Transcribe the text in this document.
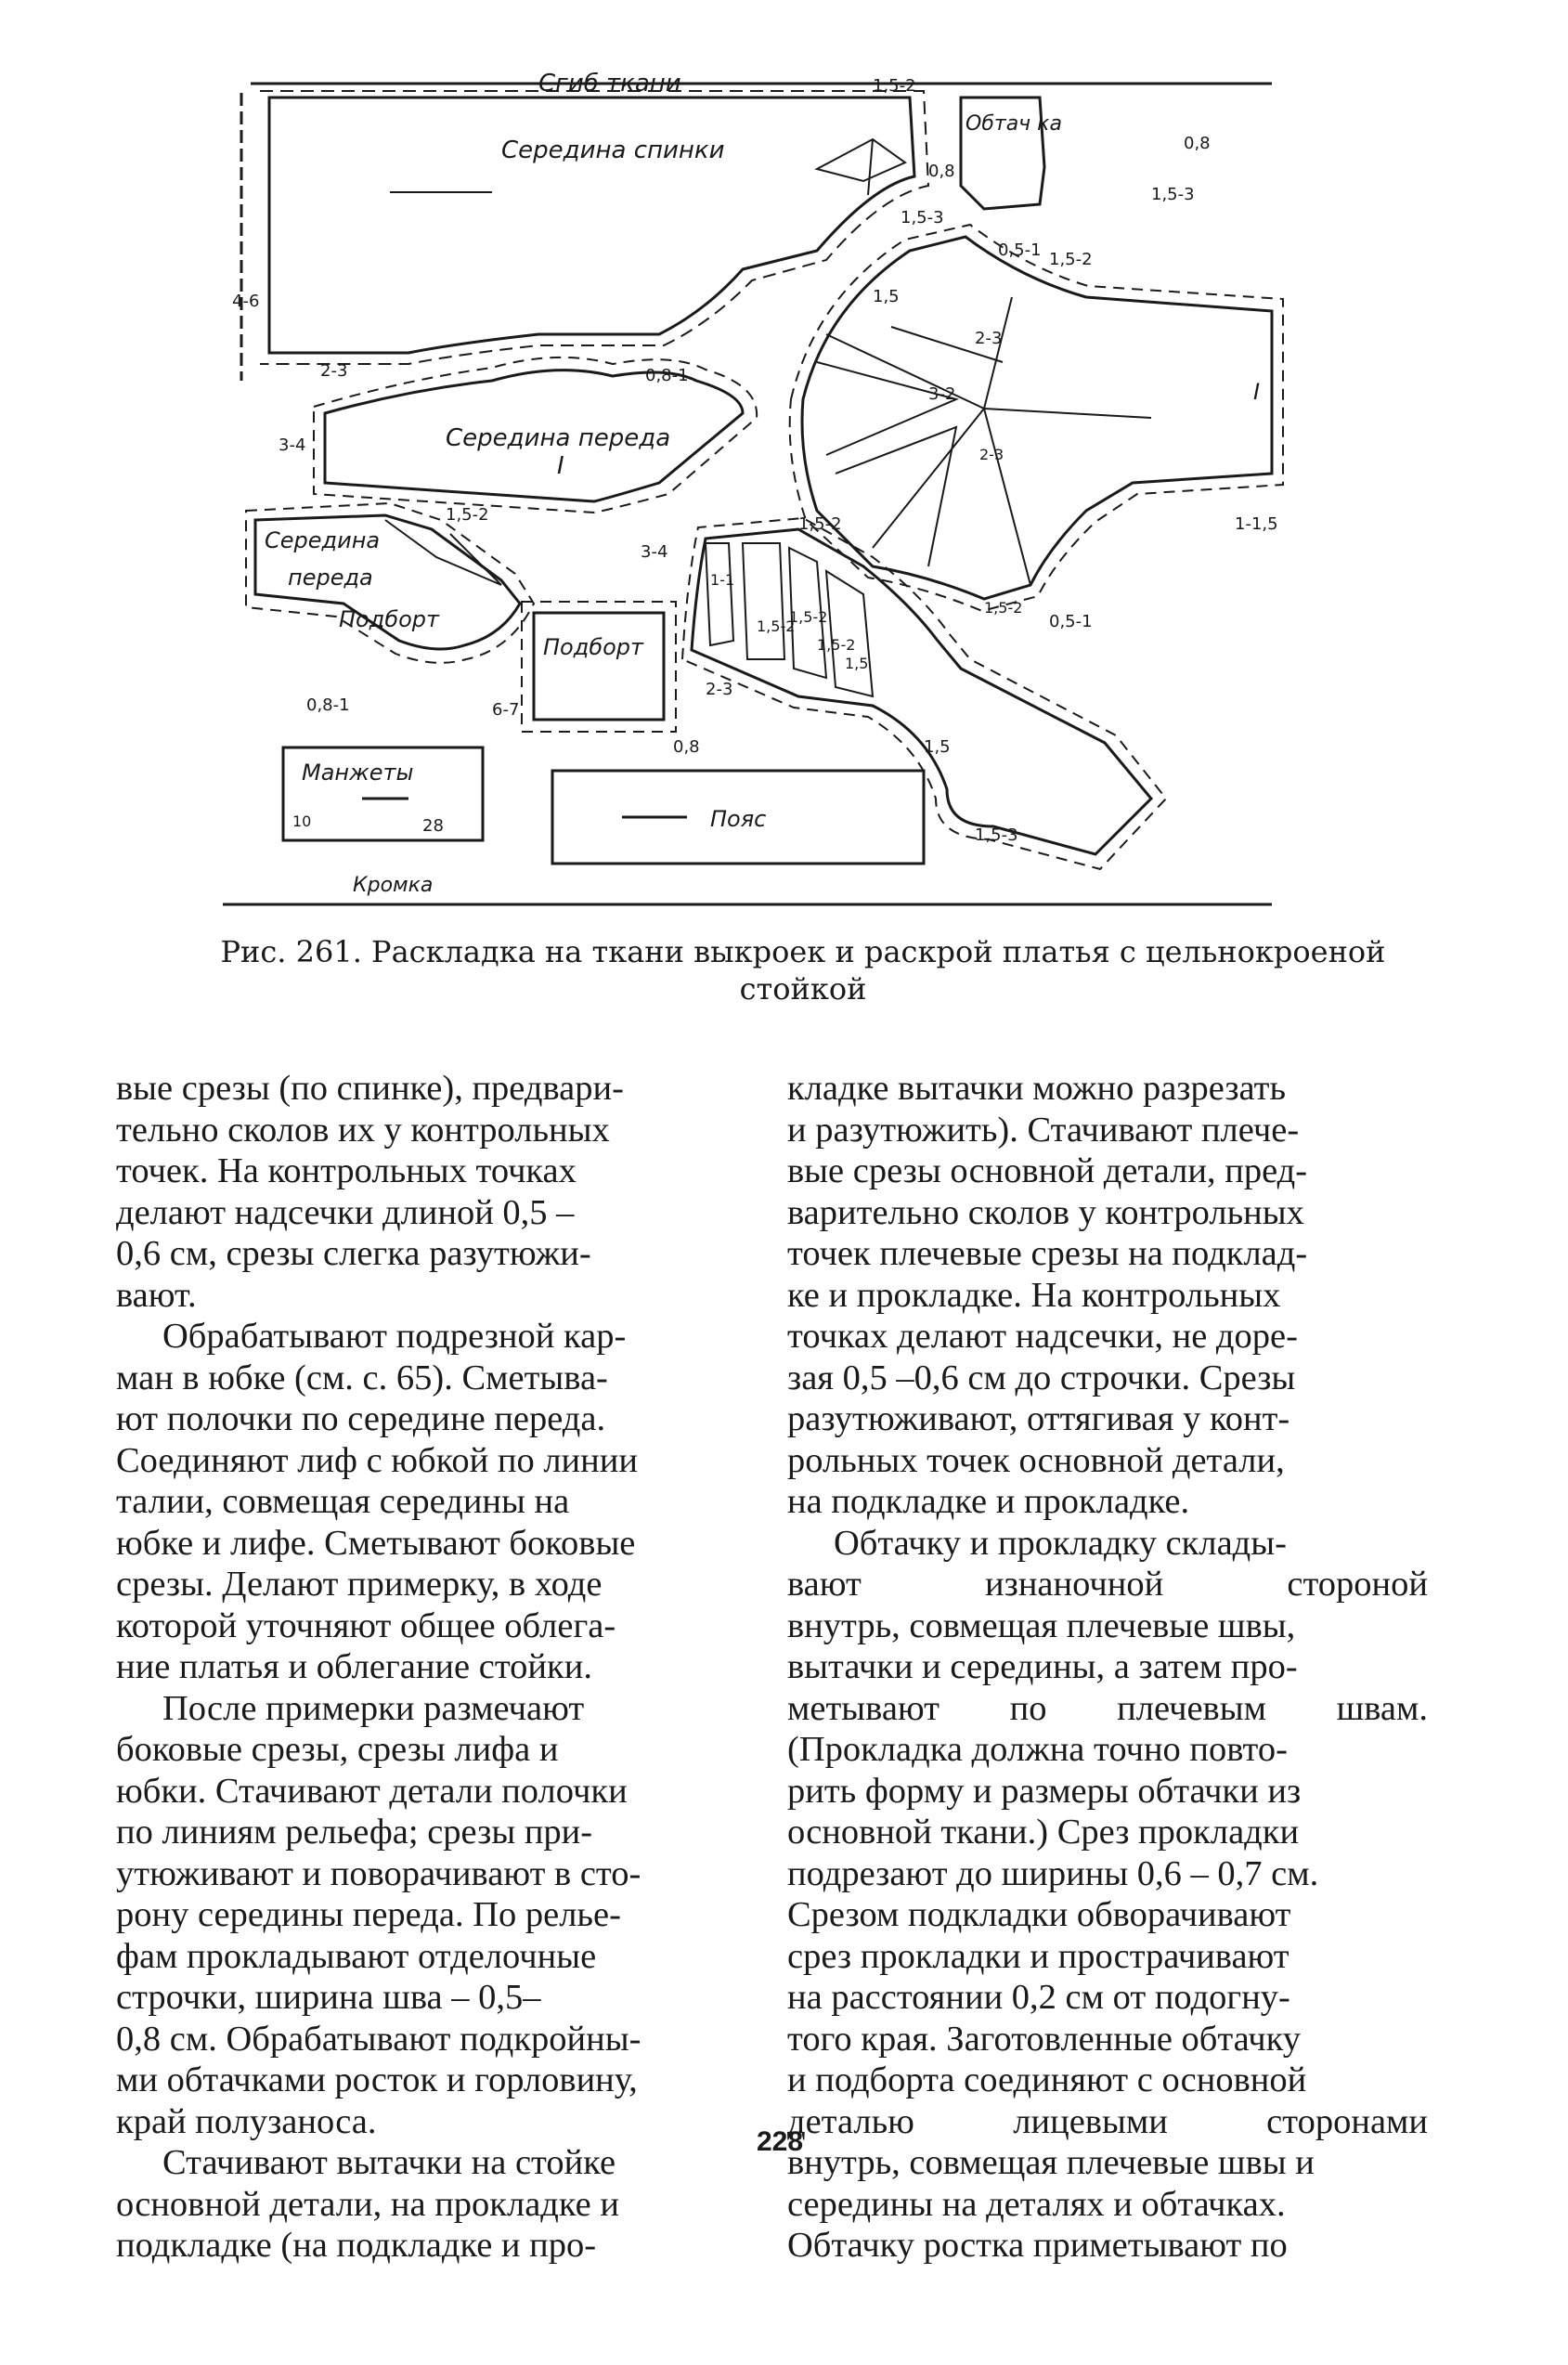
Сгиб ткани
Середина спинки
Обтач ка
Середина переда
I
Середина
переда
Подборт
Подборт
Манжеты
Пояс
Кромка
I
1,5-2
0,8
1,5-3
1,5
1,5-2
4-6
2-3	0,8-1
3-4
1,5-2
0,5-1
2-3
3-2
1-1,5
1,5-2
1-1
3-4
0,8-1	6-7
0,8
1,5-2
2-3
1,5
1,5-3
10	28
1,5-2
1,5-2
1,5
0,5-1
1,5-2
0,8
1,5-3
2-3
Рис. 261. Раскладка на ткани выкроек и раскрой платья с цельнокроеной
стойкой

вые срезы (по спинке), предвари-

тельно сколов их у контрольных

точек. На контрольных точках

делают надсечки длиной 0,5 –

0,6 см, срезы слегка разутюжи-

вают.

Обрабатывают подрезной кар-

ман в юбке (см. с. 65). Сметыва-

ют полочки по середине переда.

Соединяют лиф с юбкой по линии

талии, совмещая середины на

юбке и лифе. Сметывают боковые

срезы. Делают примерку, в ходе

которой уточняют общее облега-

ние платья и облегание стойки.

После примерки размечают

боковые срезы, срезы лифа и

юбки. Стачивают детали полочки

по линиям рельефа; срезы при-

утюживают и поворачивают в сто-

рону середины переда. По релье-

фам прокладывают отделочные

строчки, ширина шва – 0,5–

0,8 см. Обрабатывают подкройны-

ми обтачками росток и горловину,

край полузаноса.

Стачивают вытачки на стойке

основной детали, на прокладке и

подкладке (на подкладке и про-

кладке вытачки можно разрезать

и разутюжить). Стачивают плече-

вые срезы основной детали, пред-

варительно сколов у контрольных

точек плечевые срезы на подклад-

ке и прокладке. На контрольных

точках делают надсечки, не доре-

зая 0,5 –0,6 см до строчки. Срезы

разутюживают, оттягивая у конт-

рольных точек основной детали,

на подкладке и прокладке.

Обтачку и прокладку склады-

вают изнаночной стороной

внутрь, совмещая плечевые швы,

вытачки и середины, а затем про-

метывают по плечевым швам.

(Прокладка должна точно повто-

рить форму и размеры обтачки из

основной ткани.) Срез прокладки

подрезают до ширины 0,6 – 0,7 см.

Срезом подкладки обворачивают

срез прокладки и прострачивают

на расстоянии 0,2 см от подогну-

того края. Заготовленные обтачку

и подборта соединяют с основной

деталью лицевыми сторонами

внутрь, совмещая плечевые швы и

середины на деталях и обтачках.

Обтачку ростка приметывают по

228
